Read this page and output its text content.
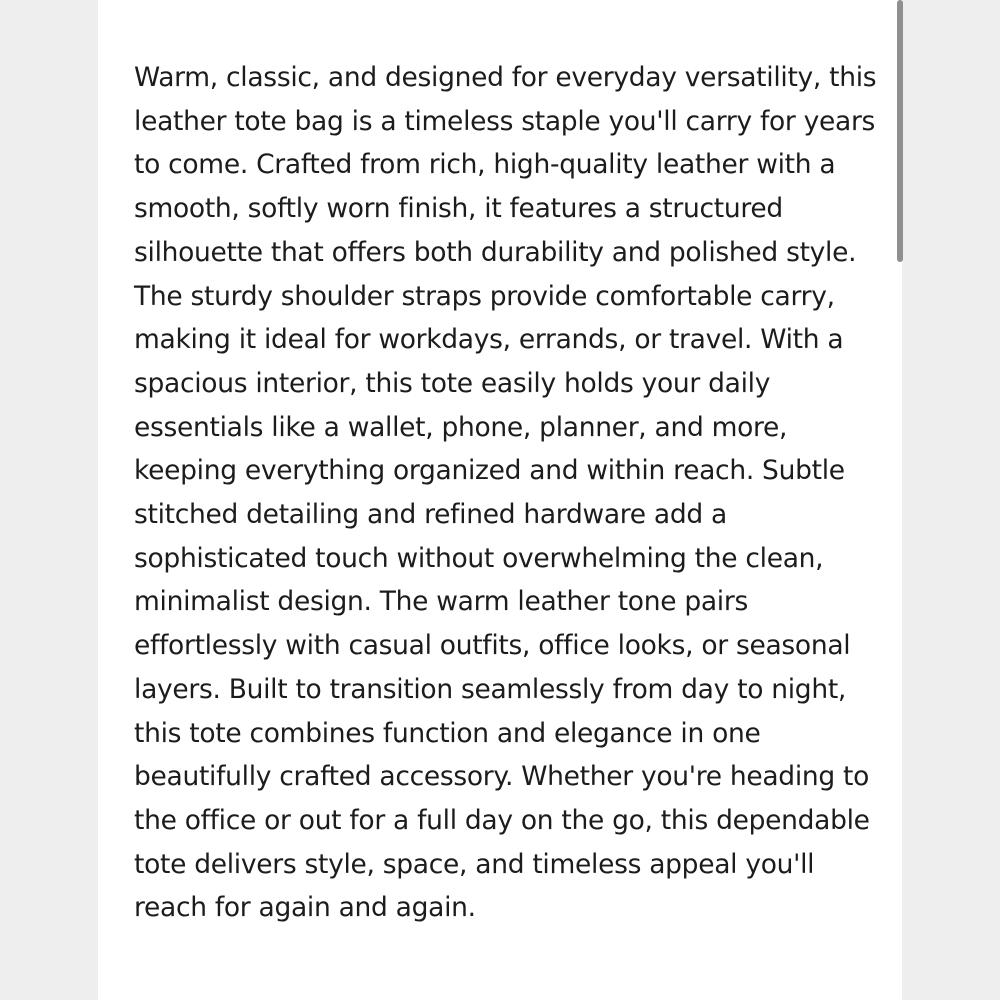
Warm, classic, and designed for everyday versatility, this leather tote bag is a timeless staple you'll carry for years to come. Crafted from rich, high-quality leather with a smooth, softly worn finish, it features a structured silhouette that offers both durability and polished style. The sturdy shoulder straps provide comfortable carry, making it ideal for workdays, errands, or travel. With a spacious interior, this tote easily holds your daily essentials like a wallet, phone, planner, and more, keeping everything organized and within reach. Subtle stitched detailing and refined hardware add a sophisticated touch without overwhelming the clean, minimalist design. The warm leather tone pairs effortlessly with casual outfits, office looks, or seasonal layers. Built to transition seamlessly from day to night, this tote combines function and elegance in one beautifully crafted accessory. Whether you're heading to the office or out for a full day on the go, this dependable tote delivers style, space, and timeless appeal you'll reach for again and again.
